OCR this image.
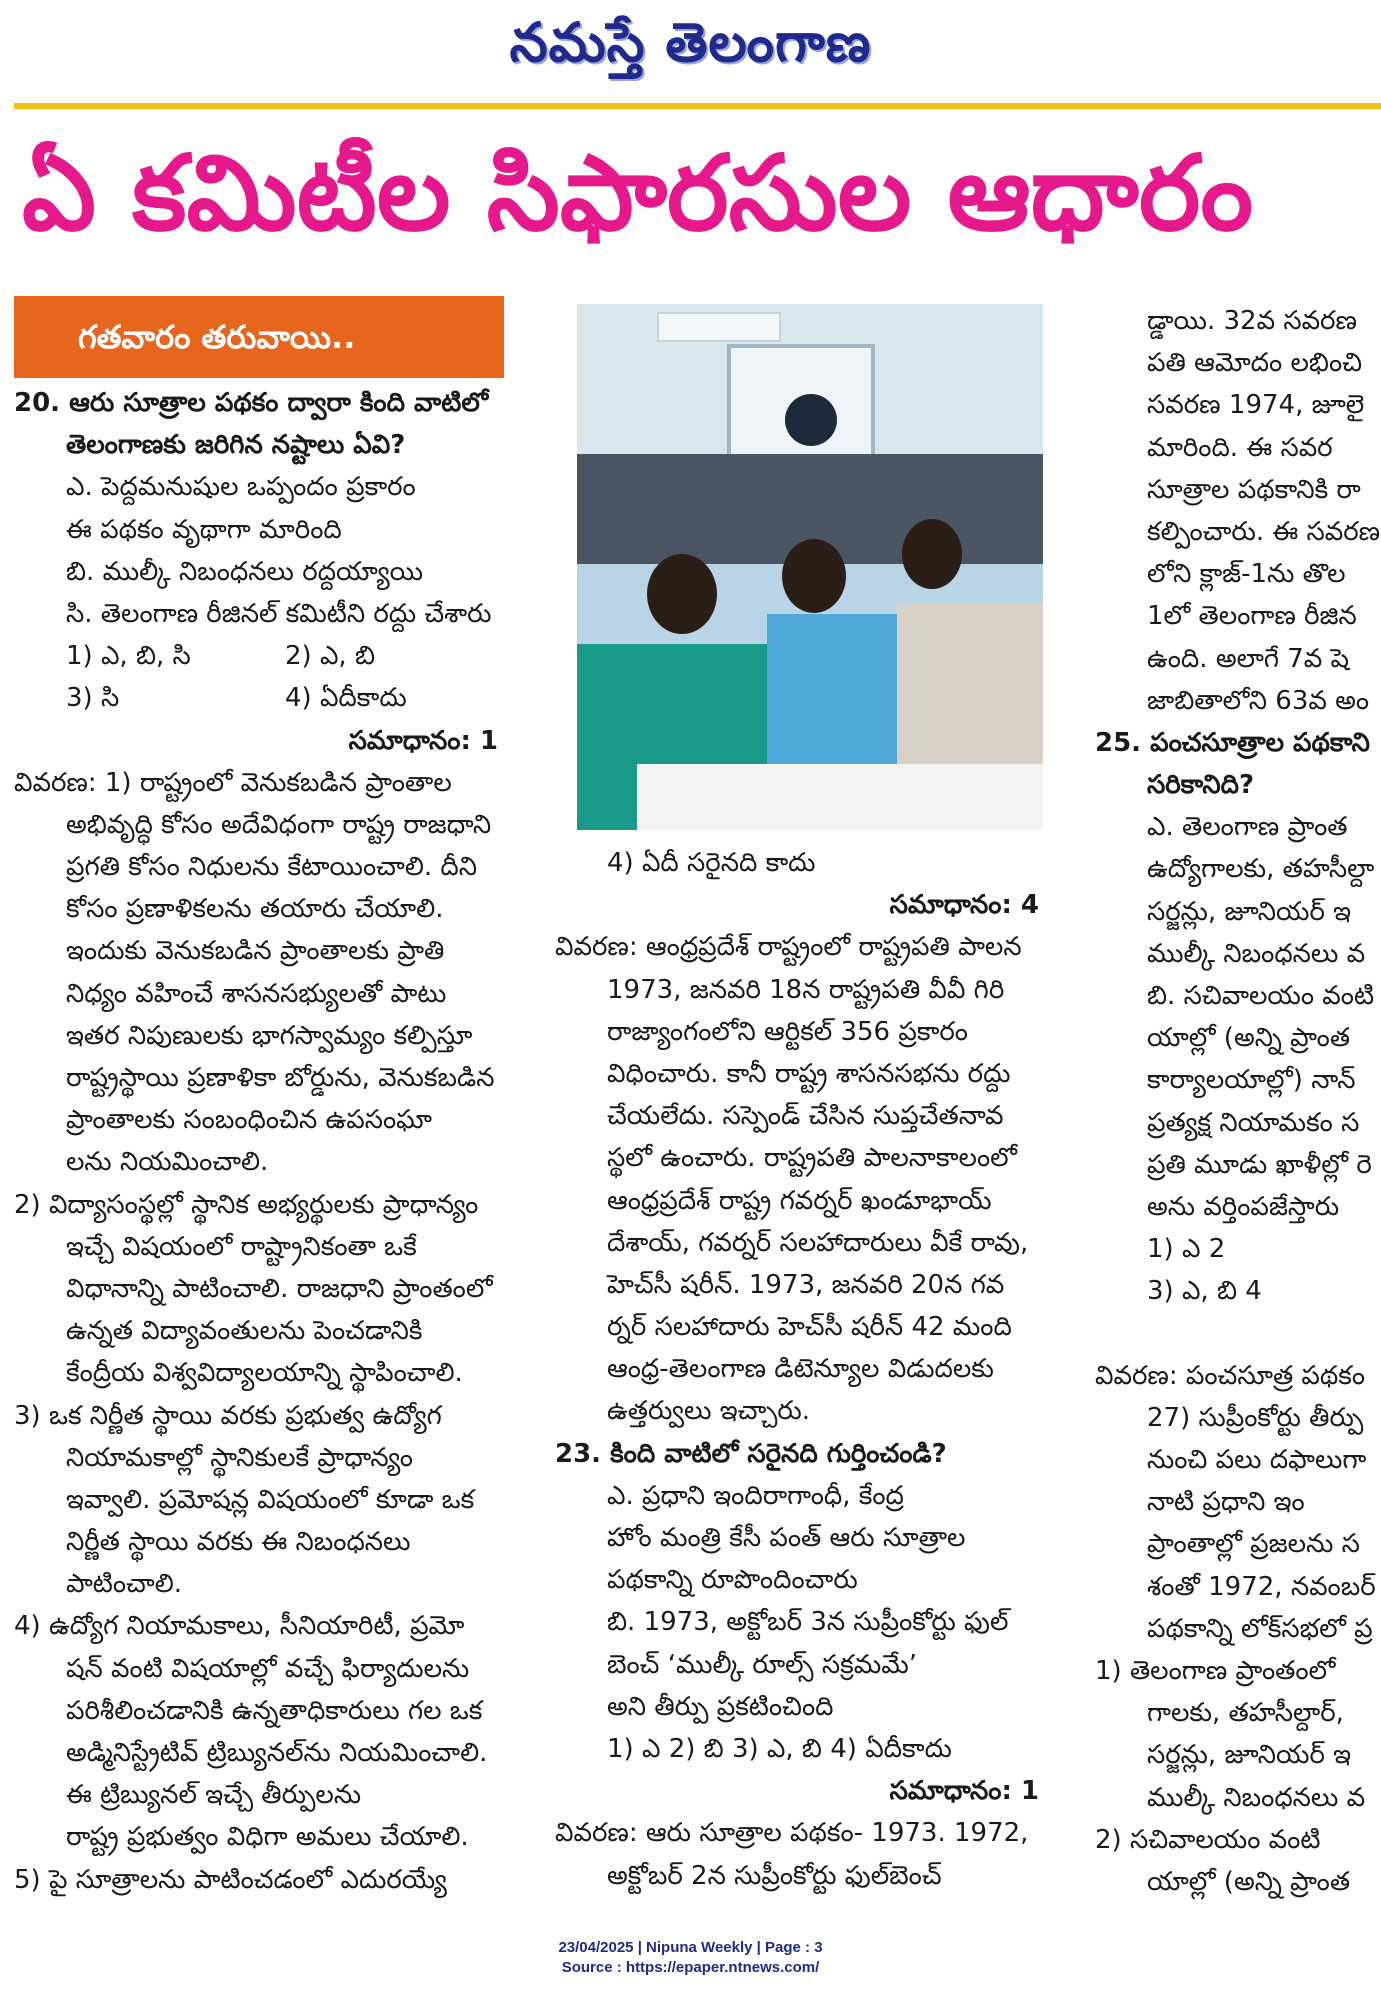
నమస్తే తెలంగాణ
ఏ కమిటీల సిఫారసుల ఆధారం
గతవారం తరువాయి..
20. ఆరు సూత్రాల పథకం ద్వారా కింది వాటిలో
తెలంగాణకు జరిగిన నష్టాలు ఏవి?
ఎ. పెద్దమనుషుల ఒప్పందం ప్రకారం
ఈ పథకం వృథాగా మారింది
బి. ముల్కీ నిబంధనలు రద్దయ్యాయి
సి. తెలంగాణ రీజినల్ కమిటీని రద్దు చేశారు
1) ఎ, బి, సి	2) ఎ, బి
3) సి	4) ఏదీకాదు
సమాధానం: 1
వివరణ: 1) రాష్ట్రంలో వెనుకబడిన ప్రాంతాల
అభివృద్ధి కోసం అదేవిధంగా రాష్ట్ర రాజధాని
ప్రగతి కోసం నిధులను కేటాయించాలి. దీని
కోసం ప్రణాళికలను తయారు చేయాలి.
ఇందుకు వెనుకబడిన ప్రాంతాలకు ప్రాతి
నిధ్యం వహించే శాసనసభ్యులతో పాటు
ఇతర నిపుణులకు భాగస్వామ్యం కల్పిస్తూ
రాష్ట్రస్థాయి ప్రణాళికా బోర్డును, వెనుకబడిన
ప్రాంతాలకు సంబంధించిన ఉపసంఘా
లను నియమించాలి.
2) విద్యాసంస్థల్లో స్థానిక అభ్యర్థులకు ప్రాధాన్యం
ఇచ్చే విషయంలో రాష్ట్రానికంతా ఒకే
విధానాన్ని పాటించాలి. రాజధాని ప్రాంతంలో
ఉన్నత విద్యావంతులను పెంచడానికి
కేంద్రీయ విశ్వవిద్యాలయాన్ని స్థాపించాలి.
3) ఒక నిర్ణీత స్థాయి వరకు ప్రభుత్వ ఉద్యోగ
నియామకాల్లో స్థానికులకే ప్రాధాన్యం
ఇవ్వాలి. ప్రమోషన్ల విషయంలో కూడా ఒక
నిర్ణీత స్థాయి వరకు ఈ నిబంధనలు
పాటించాలి.
4) ఉద్యోగ నియామకాలు, సీనియారిటీ, ప్రమో
షన్ వంటి విషయాల్లో వచ్చే ఫిర్యాదులను
పరిశీలించడానికి ఉన్నతాధికారులు గల ఒక
అడ్మినిస్ట్రేటివ్ ట్రిబ్యునల్‌ను నియమించాలి.
ఈ ట్రిబ్యునల్ ఇచ్చే తీర్పులను
రాష్ట్ర ప్రభుత్వం విధిగా అమలు చేయాలి.
5) పై సూత్రాలను పాటించడంలో ఎదురయ్యే
4) ఏదీ సరైనది కాదు
సమాధానం: 4
వివరణ: ఆంధ్రప్రదేశ్ రాష్ట్రంలో రాష్ట్రపతి పాలన
1973, జనవరి 18న రాష్ట్రపతి వీవీ గిరి
రాజ్యాంగంలోని ఆర్టికల్ 356 ప్రకారం
విధించారు. కానీ రాష్ట్ర శాసనసభను రద్దు
చేయలేదు. సస్పెండ్ చేసిన సుప్తచేతనావ
స్థలో ఉంచారు. రాష్ట్రపతి పాలనాకాలంలో
ఆంధ్రప్రదేశ్ రాష్ట్ర గవర్నర్ ఖండూభాయ్
దేశాయ్, గవర్నర్ సలహాదారులు వీకే రావు,
హెచ్‌సీ షరీన్. 1973, జనవరి 20న గవ
ర్నర్ సలహాదారు హెచ్‌సీ షరీన్ 42 మంది
ఆంధ్ర-తెలంగాణ డిటెన్యూల విడుదలకు
ఉత్తర్వులు ఇచ్చారు.
23. కింది వాటిలో సరైనది గుర్తించండి?
ఎ. ప్రధాని ఇందిరాగాంధీ, కేంద్ర
హోం మంత్రి కేసీ పంత్ ఆరు సూత్రాల
పథకాన్ని రూపొందించారు
బి. 1973, అక్టోబర్ 3న సుప్రీంకోర్టు ఫుల్
బెంచ్ ‘ముల్కీ రూల్స్ సక్రమమే’
అని తీర్పు ప్రకటించింది
1) ఎ 2) బి 3) ఎ, బి 4) ఏదీకాదు
సమాధానం: 1
వివరణ: ఆరు సూత్రాల పథకం- 1973. 1972,
అక్టోబర్ 2న సుప్రీంకోర్టు ఫుల్‌బెంచ్
డ్డాయి. 32వ సవరణ
పతి ఆమోదం లభించి
సవరణ 1974, జూలై
మారింది. ఈ సవర
సూత్రాల పథకానికి రా
కల్పించారు. ఈ సవరణ
లోని క్లాజ్-1ను తొల
1లో తెలంగాణ రీజిన
ఉంది. అలాగే 7వ షె
జాబితాలోని 63వ అం
25. పంచసూత్రాల పథకాని
సరికానిది?
ఎ. తెలంగాణ ప్రాంత
ఉద్యోగాలకు, తహసీల్దా
సర్జన్లు, జూనియర్ ఇ
ముల్కీ నిబంధనలు వ
బి. సచివాలయం వంటి
యాల్లో (అన్ని ప్రాంత
కార్యాలయాల్లో) నాన్
ప్రత్యక్ష నియామకం స
ప్రతి మూడు ఖాళీల్లో రె
అను వర్తింపజేస్తారు
1) ఎ 2
3) ఎ, బి 4
వివరణ: పంచసూత్ర పథకం
27) సుప్రీంకోర్టు తీర్పు
నుంచి పలు దఫాలుగా
నాటి ప్రధాని ఇం
ప్రాంతాల్లో ప్రజలను స
శంతో 1972, నవంబర్
పథకాన్ని లోక్‌సభలో ప్ర
1) తెలంగాణ ప్రాంతంలో
గాలకు, తహసీల్దార్,
సర్జన్లు, జూనియర్ ఇ
ముల్కీ నిబంధనలు వ
2) సచివాలయం వంటి
యాల్లో (అన్ని ప్రాంత
23/04/2025 | Nipuna Weekly | Page : 3
Source : https://epaper.ntnews.com/
